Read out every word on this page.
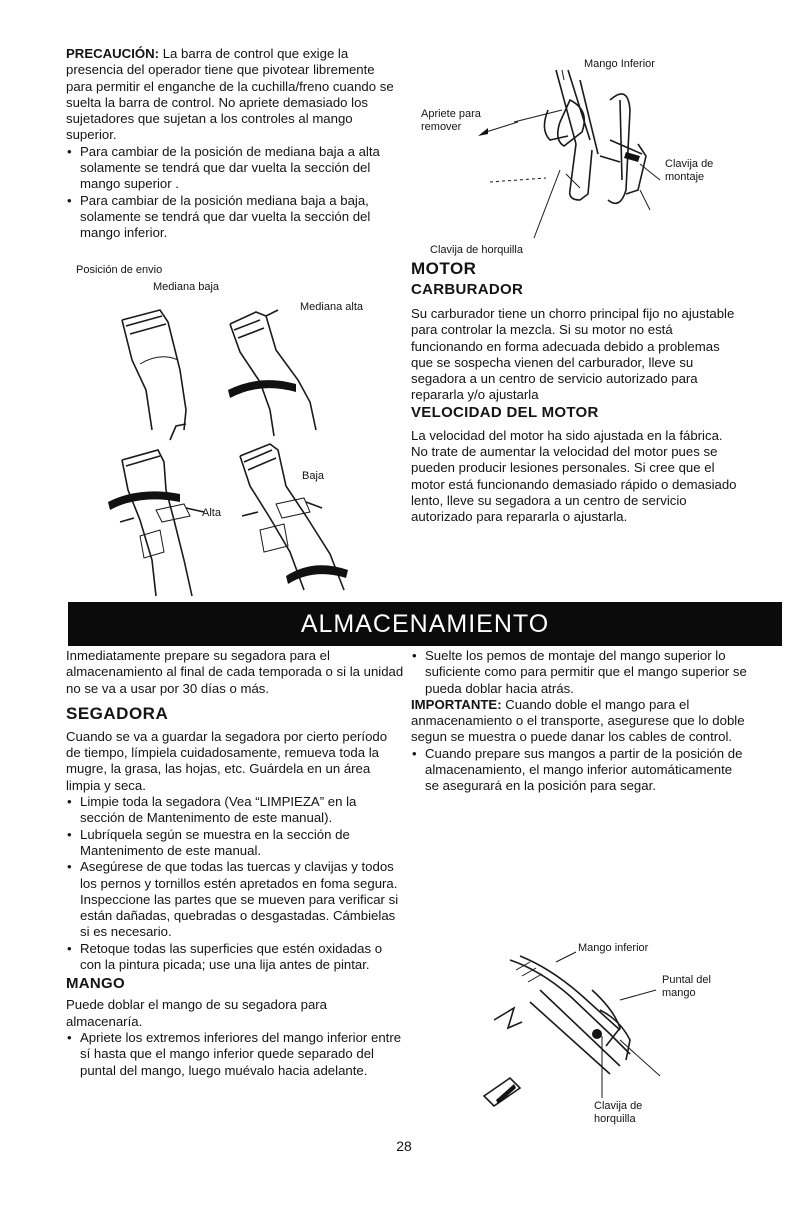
PRECAUCIÓN: La barra de control que exige la presencia del operador tiene que pivotear libremente para permitir el enganche de la cuchilla/freno cuando se suelta la barra de control. No apriete demasiado los sujetadores que sujetan a los controles al mango superior.

• Para cambiar de la posición de mediana baja a alta solamente se tendrá que dar vuelta la sección del mango superior .
• Para cambiar de la posición mediana baja a baja, solamente se tendrá que dar vuelta la sección del mango inferior.
Posición de envio
Mediana baja
Mediana alta
Alta
Baja
Mango Inferior
Apriete para remover
Clavija de montaje
Clavija de horquilla
MOTOR
CARBURADOR

Su carburador tiene un chorro principal fijo no ajustable para controlar la mezcla. Si su motor no está funcionando en forma adecuada debido a problemas que se sospecha vienen del carburador, lleve su segadora a un centro de servicio autorizado para repararla y/o ajustarla

VELOCIDAD DEL MOTOR

La velocidad del motor ha sido ajustada en la fábrica. No trate de aumentar la velocidad del motor pues se pueden producir lesiones personales. Si cree que el motor está funcionando demasiado rápido o demasiado lento, lleve su segadora a un centro de servicio autorizado para repararla o ajustarla.

ALMACENAMIENTO

Inmediatamente prepare su segadora para el almacenamiento al final de cada temporada o si la unidad no se va a usar por 30 días o más.

SEGADORA

Cuando se va a guardar la segadora por cierto período de tiempo, límpiela cuidadosamente, remueva toda la mugre, la grasa, las hojas, etc. Guárdela en un área limpia y seca.

• Limpie toda la segadora (Vea “LIMPIEZA” en la sección de Mantenimento de este manual).
• Lubríquela según se muestra en la sección de Mantenimento de este manual.
• Asegúrese de que todas las tuercas y clavijas y todos los pernos y tornillos estén apretados en foma segura. Inspeccione las partes que se mueven para verificar si están dañadas, quebradas o desgastadas. Cámbielas si es necesario.
• Retoque todas las superficies que estén oxidadas o con la pintura picada; use una lija antes de pintar.
MANGO

Puede doblar el mango de su segadora para almacenaría.

• Apriete los extremos inferiores del mango inferior entre sí hasta que el mango inferior quede separado del puntal del mango, luego muévalo hacia adelante.
• Suelte los pemos de montaje del mango superior lo suficiente como para permitir que el mango superior se pueda doblar hacia atrás.

IMPORTANTE: Cuando doble el mango para el anmacenamiento o el transporte, asegurese que lo doble segun se muestra o puede danar los cables de control.

• Cuando prepare sus mangos a partir de la posición de almacenamiento, el mango inferior automáticamente se asegurará en la posición para segar.
Mango inferior
Puntal del mango
Clavija de horquilla
28
